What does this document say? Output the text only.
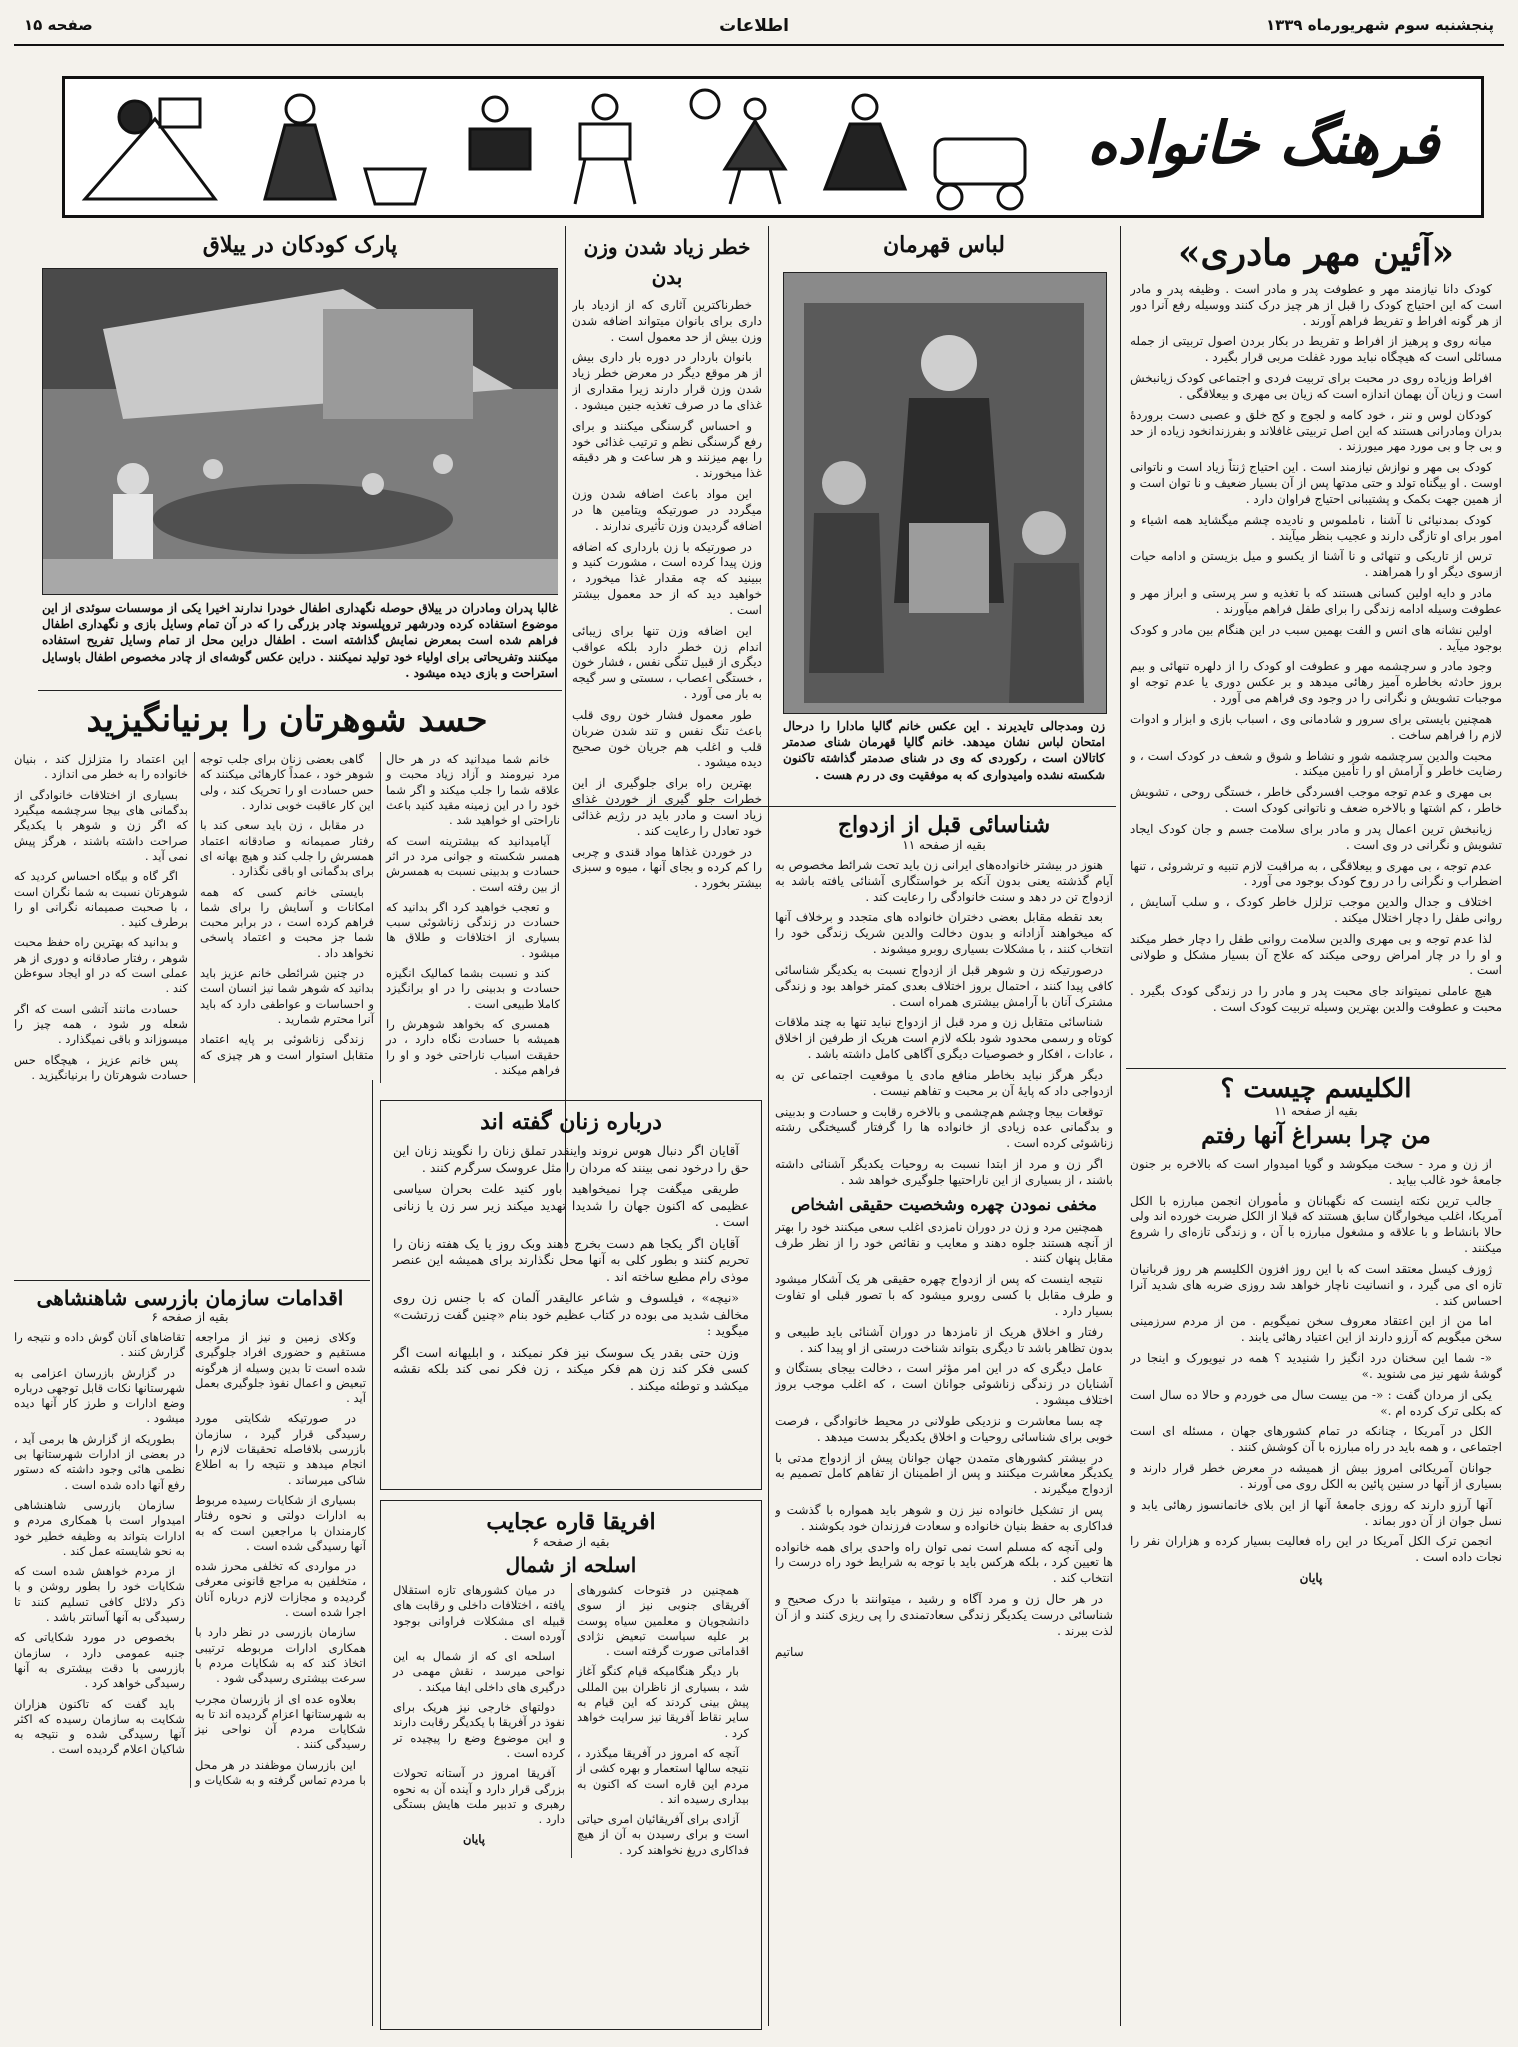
پنجشنبه سوم شهریورماه ۱۳۳۹
اطلاعات
صفحه ۱۵
فرهنگ خانواده
«آئین مهر مادری»

کودک دانا نیازمند مهر و عطوفت پدر و مادر است . وظیفه پدر و مادر است که این احتیاج کودک را قبل از هر چیز درک کنند ووسیله رفع آنرا دور از هر گونه افراط و تفریط فراهم آورند .

میانه روی و پرهیز از افراط و تفریط در بکار بردن اصول تربیتی از جمله مسائلی است که هیچگاه نباید مورد غفلت مربی قرار بگیرد .

افراط وزیاده روی در محبت برای تربیت فردی و اجتماعی کودک زیانبخش است و زیان آن بهمان اندازه است که زیان بی مهری و بیعلاقگی .

کودکان لوس و ننر ، خود کامه و لجوج و کج خلق و عصبی دست بروردهٔ بدران ومادرانی هستند که این اصل تربیتی غافلاند و بفرزندانخود زیاده از حد و بی جا و بی مورد مهر میورزند .

کودک بی مهر و نوازش نیازمند است . این احتیاج ژنتاً زیاد است و ناتوانی اوست . او بیگناه تولد و حتی مدتها پس از آن بسیار ضعیف و نا توان است و از همین جهت بکمک و پشتیبانی احتیاج فراوان دارد .

کودک بمدنیائی نا آشنا ، ناملموس و نادیده چشم میگشاید همه اشیاء و امور برای او تازگی دارند و عجیب بنظر میآیند .

ترس از تاریکی و تنهائی و نا آشنا از یکسو و میل بزیستن و ادامه حیات ازسوی دیگر او را همراهند .

مادر و دایه اولین کسانی هستند که با تغذیه و سر پرستی و ابراز مهر و عطوفت وسیله ادامه زندگی را برای طفل فراهم میآورند .

اولین نشانه های انس و الفت بهمین سبب در این هنگام بین مادر و کودک بوجود میآید .

وجود مادر و سرچشمه مهر و عطوفت او کودک را از دلهره تنهائی و بیم بروز حادثه بخاطره آمیز رهائی میدهد و بر عکس دوری یا عدم توجه او موجبات تشویش و نگرانی را در وجود وی فراهم می آورد .

همچنین بایستی برای سرور و شادمانی وی ، اسباب بازی و ابزار و ادوات لازم را فراهم ساخت .

محبت والدین سرچشمه شور و نشاط و شوق و شعف در کودک است ، و رضایت خاطر و آرامش او را تأمین میکند .

بی مهری و عدم توجه موجب افسردگی خاطر ، خستگی روحی ، تشویش خاطر ، کم اشتها و بالاخره ضعف و ناتوانی کودک است .

زیانبخش ترین اعمال پدر و مادر برای سلامت جسم و جان کودک ایجاد تشویش و نگرانی در وی است .

عدم توجه ، بی مهری و بیعلاقگی ، به مراقبت لازم تنبیه و ترشروئی ، تنها اضطراب و نگرانی را در روح کودک بوجود می آورد .

اختلاف و جدال والدین موجب تزلزل خاطر کودک ، و سلب آسایش ، روانی طفل را دچار اختلال میکند .

لذا عدم توجه و بی مهری والدین سلامت روانی طفل را دچار خطر میکند و او را در چار امراض روحی میکند که علاج آن بسیار مشکل و طولانی است .

هیچ عاملی نمیتواند جای محبت پدر و مادر را در زندگی کودک بگیرد . محبت و عطوفت والدین بهترین وسیله تربیت کودک است .

الکلیسم چیست ؟
بقیه از صفحه ۱۱
من چرا بسراغ آنها رفتم

از زن و مرد - سخت میکوشد و گویا امیدوار است که بالاخره بر جنون جامعهٔ خود غالب بیاید .

جالب ترین نکته اینست که نگهبانان و مأموران انجمن مبارزه با الکل آمریکا، اغلب میخوارگان سابق هستند که قبلا از الکل ضربت خورده اند ولی حالا بانشاط و با علاقه و مشغول مبارزه با آن ، و زندگی تازه‌ای را شروع میکنند .

ژوزف کیسل معتقد است که با این روز افزون الکلیسم هر روز قربانیان تازه ای می گیرد ، و انسانیت ناچار خواهد شد روزی ضربه های شدید آنرا احساس کند .

اما من از این اعتقاد معروف سخن نمیگویم . من از مردم سرزمینی سخن میگویم که آرزو دارند از این اعتیاد رهائی یابند .

«- شما این سخنان درد انگیز را شنیدید ؟ همه در نیویورک و اینجا در گوشهٔ شهر نیز می شنوید .»

یکی از مردان گفت : «- من بیست سال می خوردم و حالا ده سال است که بکلی ترک کرده ام .»

الکل در آمریکا ، چنانکه در تمام کشورهای جهان ، مسئله ای است اجتماعی ، و همه باید در راه مبارزه با آن کوشش کنند .

جوانان آمریکائی امروز بیش از همیشه در معرض خطر قرار دارند و بسیاری از آنها در سنین پائین به الکل روی می آورند .

آنها آرزو دارند که روزی جامعهٔ آنها از این بلای خانمانسوز رهائی یابد و نسل جوان از آن دور بماند .

انجمن ترک الکل آمریکا در این راه فعالیت بسیار کرده و هزاران نفر را نجات داده است .

پایان

لباس قهرمان
زن ومدجالی تایدیرند . این عکس خانم گالیا مادارا را درحال امتحان لباس نشان میدهد. خانم گالیا قهرمان شنای صدمتر کاتالان است ، رکوردی که وی در شنای صدمتر گذاشته تاکنون شکسته نشده وامیدواری که به موفقیت وی در رم هست .
شناسائی قبل از ازدواج
بقیه از صفحه ۱۱

هنوز در بیشتر خانواده‌های ایرانی زن باید تحت شرائط مخصوص به آیام گذشته یعنی بدون آنکه بر خواستگاری آشنائی یافته باشد به ازدواج تن در دهد و سنت خانوادگی را رعایت کند .

بعد نقطه مقابل بعضی دختران خانواده های متجدد و برخلاف آنها که میخواهند آزادانه و بدون دخالت والدین شریک زندگی خود را انتخاب کنند ، با مشکلات بسیاری روبرو میشوند .

درصورتیکه زن و شوهر قبل از ازدواج نسبت به یکدیگر شناسائی کافی پیدا کنند ، احتمال بروز اختلاف بعدی کمتر خواهد بود و زندگی مشترک آنان با آرامش بیشتری همراه است .

شناسائی متقابل زن و مرد قبل از ازدواج نباید تنها به چند ملاقات کوتاه و رسمی محدود شود بلکه لازم است هریک از طرفین از اخلاق ، عادات ، افکار و خصوصیات دیگری آگاهی کامل داشته باشد .

دیگر هرگز نباید بخاطر منافع مادی یا موقعیت اجتماعی تن به ازدواجی داد که پایهٔ آن بر محبت و تفاهم نیست .

توقعات بیجا وچشم هم‌چشمی و بالاخره رقابت و حسادت و بدبینی و بدگمانی عده زیادی از خانواده ها را گرفتار گسیختگی رشته زناشوئی کرده است .

اگر زن و مرد از ابتدا نسبت به روحیات یکدیگر آشنائی داشته باشند ، از بسیاری از این ناراحتیها جلوگیری خواهد شد .

مخفی نمودن چهره وشخصیت حقیقی اشخاص

همچنین مرد و زن در دوران نامزدی اغلب سعی میکنند خود را بهتر از آنچه هستند جلوه دهند و معایب و نقائص خود را از نظر طرف مقابل پنهان کنند .

نتیجه اینست که پس از ازدواج چهره حقیقی هر یک آشکار میشود و طرف مقابل با کسی روبرو میشود که با تصور قبلی او تفاوت بسیار دارد .

رفتار و اخلاق هریک از نامزدها در دوران آشنائی باید طبیعی و بدون تظاهر باشد تا دیگری بتواند شناخت درستی از او پیدا کند .

عامل دیگری که در این امر مؤثر است ، دخالت بیجای بستگان و آشنایان در زندگی زناشوئی جوانان است ، که اغلب موجب بروز اختلاف میشود .

چه بسا معاشرت و نزدیکی طولانی در محیط خانوادگی ، فرصت خوبی برای شناسائی روحیات و اخلاق یکدیگر بدست میدهد .

در بیشتر کشورهای متمدن جهان جوانان پیش از ازدواج مدتی با یکدیگر معاشرت میکنند و پس از اطمینان از تفاهم کامل تصمیم به ازدواج میگیرند .

پس از تشکیل خانواده نیز زن و شوهر باید همواره با گذشت و فداکاری به حفظ بنیان خانواده و سعادت فرزندان خود بکوشند .

ولی آنچه که مسلم است نمی توان راه واحدی برای همه خانواده ها تعیین کرد ، بلکه هرکس باید با توجه به شرایط خود راه درست را انتخاب کند .

در هر حال زن و مرد آگاه و رشید ، میتوانند با درک صحیح و شناسائی درست یکدیگر زندگی سعادتمندی را پی ریزی کنند و از آن لذت ببرند .

ساتیم

خطر زیاد شدن وزن بدن

خطرناکترین آثاری که از ازدیاد بار داری برای بانوان میتواند اضافه شدن وزن بیش از حد معمول است .

بانوان باردار در دوره بار داری بیش از هر موقع دیگر در معرض خطر زیاد شدن وزن قرار دارند زیرا مقداری از غذای ما در صرف تغذیه جنین میشود .

و احساس گرسنگی میکنند و برای رفع گرسنگی نظم و ترتیب غذائی خود را بهم میزنند و هر ساعت و هر دقیقه غذا میخورند .

این مواد باعث اضافه شدن وزن میگردد در صورتیکه ویتامین ها در اضافه گردیدن وزن تأثیری ندارند .

در صورتیکه با زن بارداری که اضافه وزن پیدا کرده است ، مشورت کنید و ببینید که چه مقدار غذا میخورد ، خواهید دید که از حد معمول بیشتر است .

این اضافه وزن تنها برای زیبائی اندام زن خطر دارد بلکه عواقب دیگری از قبیل تنگی نفس ، فشار خون ، خستگی اعصاب ، سستی و سر گیجه به بار می آورد .

طور معمول فشار خون روی قلب باعث تنگ نفس و تند شدن ضربان قلب و اغلب هم جریان خون صحیح دیده میشود .

بهترین راه برای جلوگیری از این خطرات جلو گیری از خوردن غذای زیاد است و مادر باید در رژیم غذائی خود تعادل را رعایت کند .

در خوردن غذاها مواد قندی و چربی را کم کرده و بجای آنها ، میوه و سبزی بیشتر بخورد .

پارک کودکان در ییلاق
غالبا پدران ومادران در ییلاق حوصله نگهداری اطفال خودرا ندارند اخیرا یکی از موسسات سوئدی از این موضوع استفاده کرده ودرشهر تروپلسوند چادر بزرگی را که در آن تمام وسایل بازی و نگهداری اطفال فراهم شده است بمعرض نمایش گذاشته است . اطفال دراین محل از تمام وسایل تفریح استفاده میکنند وتفریحاتی برای اولیاء خود تولید نمیکنند . دراین عکس گوشه‌ای از چادر مخصوص اطفال باوسایل استراحت و بازی دیده میشود .
حسد شوهرتان را برنیانگیزید

خانم شما میدانید که در هر حال مرد نیرومند و آزاد زیاد محبت و علاقه شما را جلب میکند و اگر شما خود را در این زمینه مقید کنید باعث ناراحتی او خواهید شد .

آیامیدانید که بیشترینه است که همسر شکسته و جوانی مرد در اثر حسادت و بدبینی نسبت به همسرش از بین رفته است .

و تعجب خواهید کرد اگر بدانید که حسادت در زندگی زناشوئی سبب بسیاری از اختلافات و طلاق ها میشود .

کند و نسبت بشما کمالیک انگیزه حسادت و بدبینی را در او برانگیزد کاملا طبیعی است .

همسری که بخواهد شوهرش را همیشه با حسادت نگاه دارد ، در حقیقت اسباب ناراحتی خود و او را فراهم میکند .

گاهی بعضی زنان برای جلب توجه شوهر خود ، عمداً کارهائی میکنند که حس حسادت او را تحریک کند ، ولی این کار عاقبت خوبی ندارد .

در مقابل ، زن باید سعی کند با رفتار صمیمانه و صادقانه اعتماد همسرش را جلب کند و هیچ بهانه ای برای بدگمانی او باقی نگذارد .

بایستی خانم کسی که همه امکانات و آسایش را برای شما فراهم کرده است ، در برابر محبت شما جز محبت و اعتماد پاسخی نخواهد داد .

در چنین شرائطی خانم عزیز باید بدانید که شوهر شما نیز انسان است و احساسات و عواطفی دارد که باید آنرا محترم شمارید .

زندگی زناشوئی بر پایه اعتماد متقابل استوار است و هر چیزی که این اعتماد را متزلزل کند ، بنیان خانواده را به خطر می اندازد .

بسیاری از اختلافات خانوادگی از بدگمانی های بیجا سرچشمه میگیرد که اگر زن و شوهر با یکدیگر صراحت داشته باشند ، هرگز پیش نمی آید .

اگر گاه و بیگاه احساس کردید که شوهرتان نسبت به شما نگران است ، با صحبت صمیمانه نگرانی او را برطرف کنید .

و بدانید که بهترین راه حفظ محبت شوهر ، رفتار صادقانه و دوری از هر عملی است که در او ایجاد سوءظن کند .

حسادت مانند آتشی است که اگر شعله ور شود ، همه چیز را میسوزاند و باقی نمیگذارد .

پس خانم عزیز ، هیچگاه حس حسادت شوهرتان را برنیانگیزید .

درباره زنان گفته اند

آقایان اگر دنبال هوس نروند واینقدر تملق زنان را نگویند زنان این حق را درخود نمی بینند که مردان را مثل عروسک سرگرم کنند .

طریقی میگفت چرا نمیخواهید باور کنید علت بحران سیاسی عظیمی که اکنون جهان را شدیدا تهدید میکند زیر سر زن یا زنانی است .

آقایان اگر یکجا هم دست بخرج دهند وبک روز یا یک هفته زنان را تحریم کنند و بطور کلی به آنها محل نگذارند برای همیشه این عنصر موذی رام مطیع ساخته اند .

«نیچه» ، فیلسوف و شاعر عالیقدر آلمان که با جنس زن روی مخالف شدید می بوده در کتاب عظیم خود بنام «چنین گفت زرتشت» میگوید :

وزن حتی بقدر یک سوسک نیز فکر نمیکند ، و ابلیهانه است اگر کسی فکر کند زن هم فکر میکند ، زن فکر نمی کند بلکه نقشه میکشد و توطئه میکند .

افریقا قاره عجایب
بقیه از صفحه ۶
اسلحه از شمال

همچنین در فتوحات کشورهای آفریقای جنوبی نیز از سوی دانشجویان و معلمین سیاه پوست بر علیه سیاست تبعیض نژادی اقداماتی صورت گرفته است .

بار دیگر هنگامیکه قیام کنگو آغاز شد ، بسیاری از ناظران بین المللی پیش بینی کردند که این قیام به سایر نقاط آفریقا نیز سرایت خواهد کرد .

آنچه که امروز در آفریقا میگذرد ، نتیجه سالها استعمار و بهره کشی از مردم این قاره است که اکنون به بیداری رسیده اند .

آزادی برای آفریقائیان امری حیاتی است و برای رسیدن به آن از هیچ فداکاری دریغ نخواهند کرد .

در میان کشورهای تازه استقلال یافته ، اختلافات داخلی و رقابت های قبیله ای مشکلات فراوانی بوجود آورده است .

اسلحه ای که از شمال به این نواحی میرسد ، نقش مهمی در درگیری های داخلی ایفا میکند .

دولتهای خارجی نیز هریک برای نفوذ در آفریقا با یکدیگر رقابت دارند و این موضوع وضع را پیچیده تر کرده است .

آفریقا امروز در آستانه تحولات بزرگی قرار دارد و آینده آن به نحوه رهبری و تدبیر ملت هایش بستگی دارد .

پایان

اقدامات سازمان بازرسی شاهنشاهی
بقیه از صفحه ۶

وکلای زمین و نیز از مراجعه مستقیم و حضوری افراد جلوگیری شده است تا بدین وسیله از هرگونه تبعیض و اعمال نفوذ جلوگیری بعمل آید .

در صورتیکه شکایتی مورد رسیدگی قرار گیرد ، سازمان بازرسی بلافاصله تحقیقات لازم را انجام میدهد و نتیجه را به اطلاع شاکی میرساند .

بسیاری از شکایات رسیده مربوط به ادارات دولتی و نحوه رفتار کارمندان با مراجعین است که به آنها رسیدگی شده است .

در مواردی که تخلفی محرز شده ، متخلفین به مراجع قانونی معرفی گردیده و مجازات لازم درباره آنان اجرا شده است .

سازمان بازرسی در نظر دارد با همکاری ادارات مربوطه ترتیبی اتخاذ کند که به شکایات مردم با سرعت بیشتری رسیدگی شود .

بعلاوه عده ای از بازرسان مجرب به شهرستانها اعزام گردیده اند تا به شکایات مردم آن نواحی نیز رسیدگی کنند .

این بازرسان موظفند در هر محل با مردم تماس گرفته و به شکایات و تقاضاهای آنان گوش داده و نتیجه را گزارش کنند .

در گزارش بازرسان اعزامی به شهرستانها نکات قابل توجهی درباره وضع ادارات و طرز کار آنها دیده میشود .

بطوریکه از گزارش ها برمی آید ، در بعضی از ادارات شهرستانها بی نظمی هائی وجود داشته که دستور رفع آنها داده شده است .

سازمان بازرسی شاهنشاهی امیدوار است با همکاری مردم و ادارات بتواند به وظیفه خطیر خود به نحو شایسته عمل کند .

از مردم خواهش شده است که شکایات خود را بطور روشن و با ذکر دلائل کافی تسلیم کنند تا رسیدگی به آنها آسانتر باشد .

بخصوص در مورد شکایاتی که جنبه عمومی دارد ، سازمان بازرسی با دقت بیشتری به آنها رسیدگی خواهد کرد .

باید گفت که تاکنون هزاران شکایت به سازمان رسیده که اکثر آنها رسیدگی شده و نتیجه به شاکیان اعلام گردیده است .
